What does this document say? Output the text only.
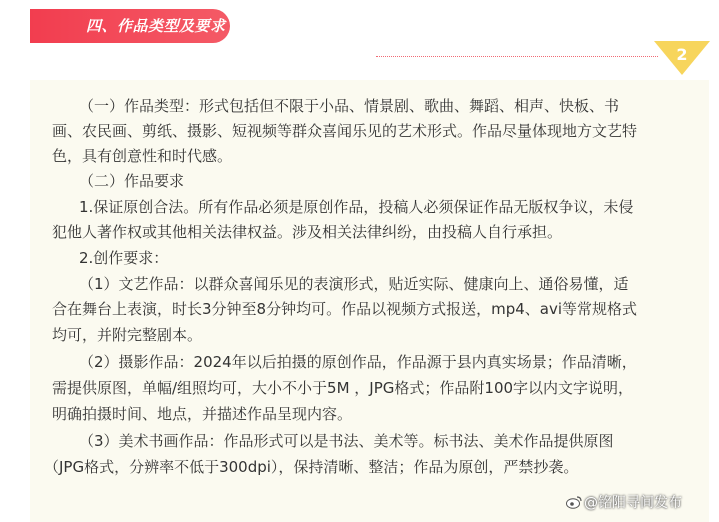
四、作品类型及要求
2

（一）作品类型：形式包括但不限于小品、情景剧、歌曲、舞蹈、相声、快板、书

画、农民画、剪纸、摄影、短视频等群众喜闻乐见的艺术形式。作品尽量体现地方文艺特

色，具有创意性和时代感。

（二）作品要求

1.保证原创合法。所有作品必须是原创作品，投稿人必须保证作品无版权争议，未侵

犯他人著作权或其他相关法律权益。涉及相关法律纠纷，由投稿人自行承担。

2.创作要求：

（1）文艺作品：以群众喜闻乐见的表演形式，贴近实际、健康向上、通俗易懂，适

合在舞台上表演，时长3分钟至8分钟均可。作品以视频方式报送，mp4、avi等常规格式

均可，并附完整剧本。

（2）摄影作品：2024年以后拍摄的原创作品，作品源于县内真实场景；作品清晰，

需提供原图，单幅/组照均可，大小不小于5M ，JPG格式；作品附100字以内文字说明，

明确拍摄时间、地点，并描述作品呈现内容。

（3）美术书画作品：作品形式可以是书法、美术等。标书法、美术作品提供原图

（JPG格式，分辨率不低于300dpi），保持清晰、整洁；作品为原创，严禁抄袭。

@铭阳寻间发布
